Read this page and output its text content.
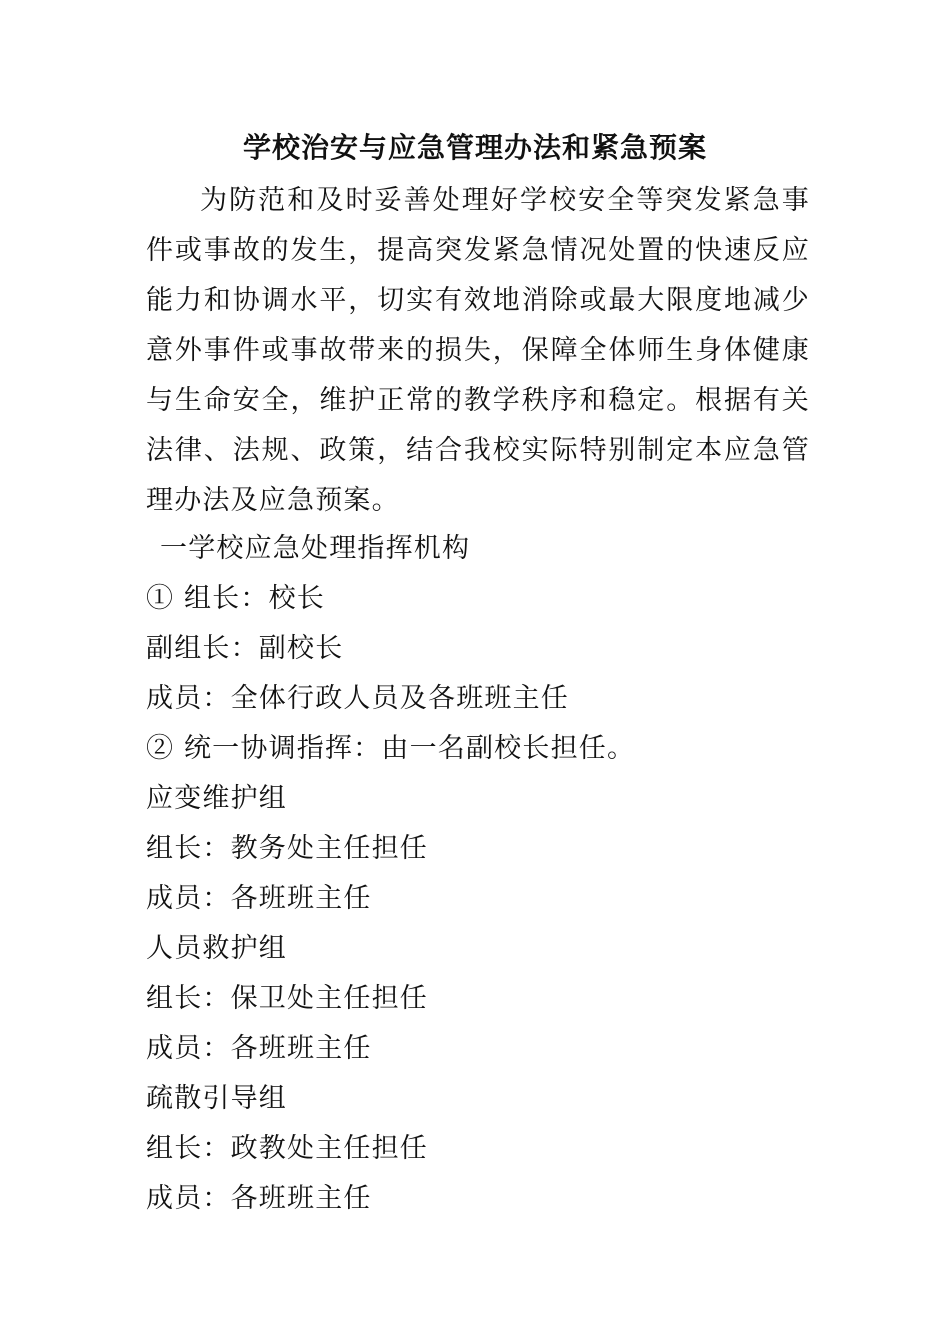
学校治安与应急管理办法和紧急预案

为防范和及时妥善处理好学校安全等突发紧急事件或事故的发生，提高突发紧急情况处置的快速反应能力和协调水平，切实有效地消除或最大限度地减少意外事件或事故带来的损失，保障全体师生身体健康与生命安全，维护正常的教学秩序和稳定。根据有关法律、法规、政策，结合我校实际特别制定本应急管理办法及应急预案。

一学校应急处理指挥机构
① 组长：校长
副组长：副校长
成员：全体行政人员及各班班主任
② 统一协调指挥：由一名副校长担任。
应变维护组
组长：教务处主任担任
成员：各班班主任
人员救护组
组长：保卫处主任担任
成员：各班班主任
疏散引导组
组长：政教处主任担任
成员：各班班主任
